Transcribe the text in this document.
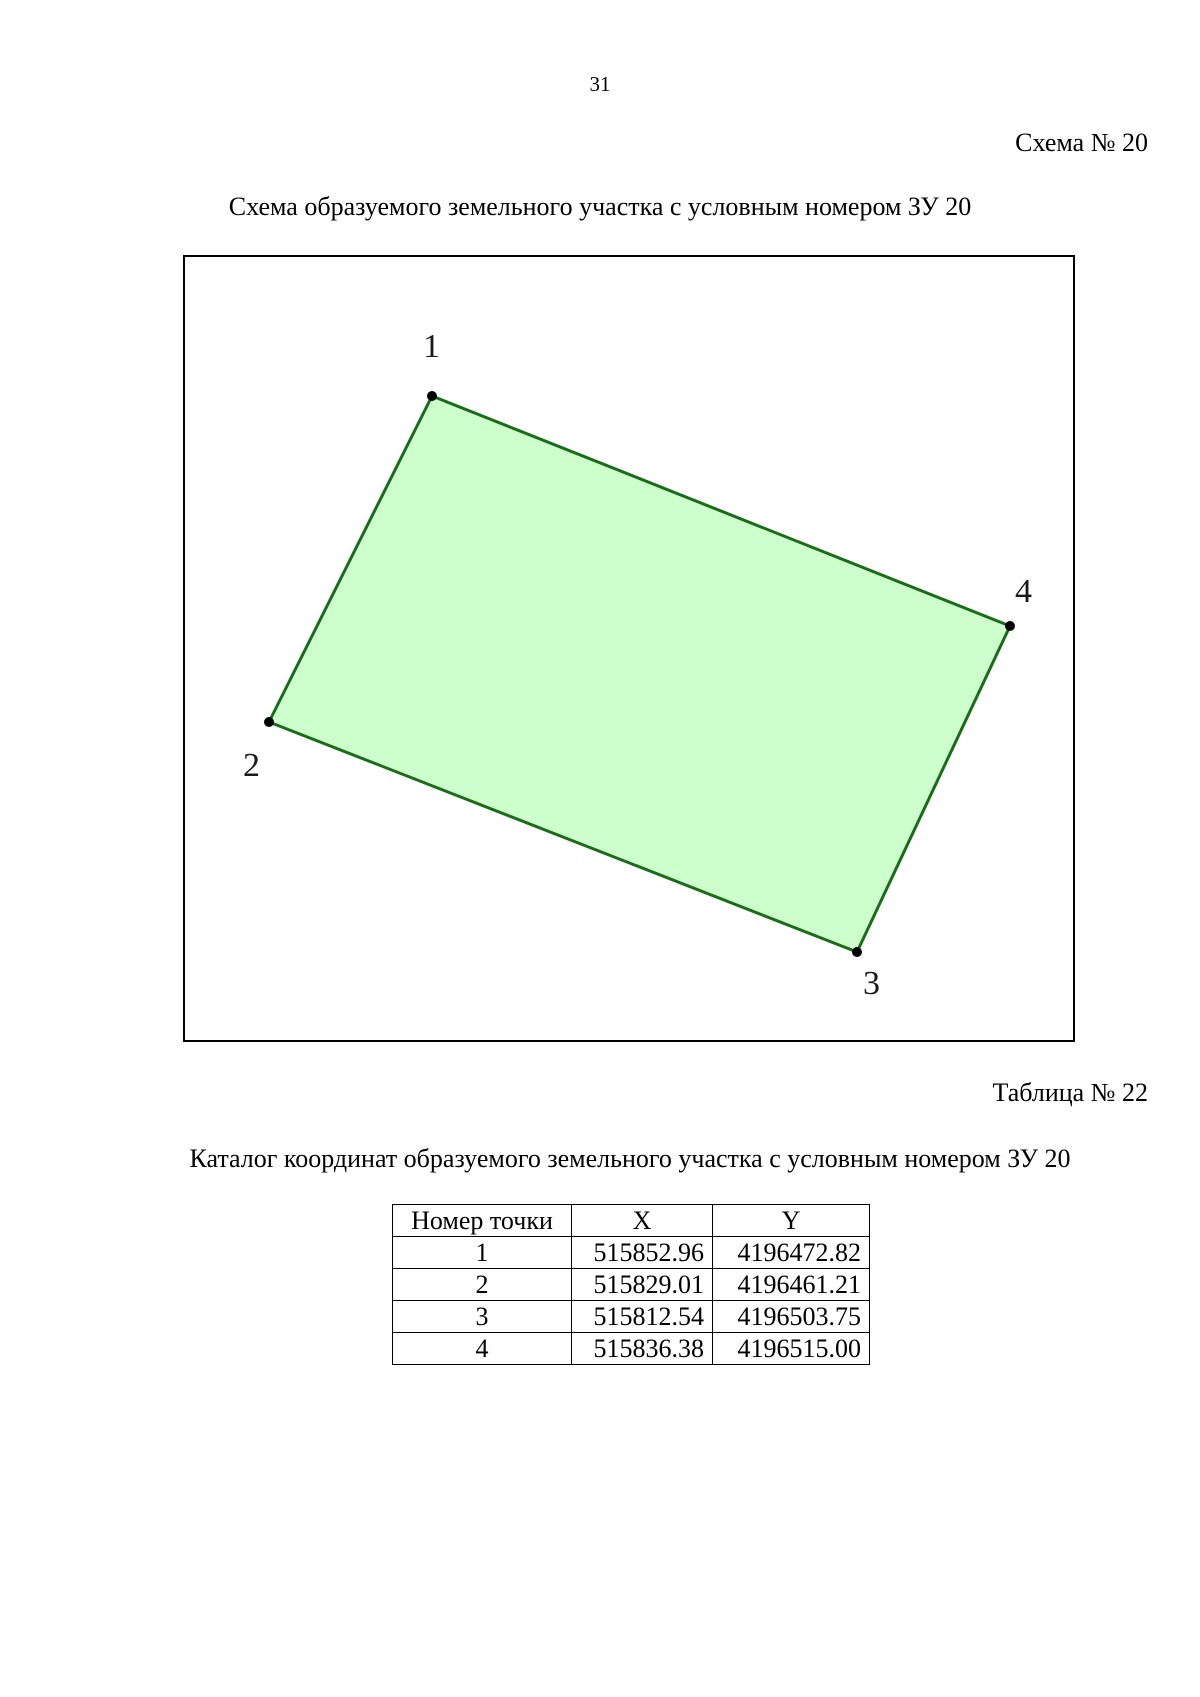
31
Схема № 20
Схема образуемого земельного участка с условным номером ЗУ 20
1
2
3
4
Таблица № 22
Каталог координат образуемого земельного участка с условным номером ЗУ 20
Номер точки	X	Y
1	515852.96	4196472.82
2	515829.01	4196461.21
3	515812.54	4196503.75
4	515836.38	4196515.00
